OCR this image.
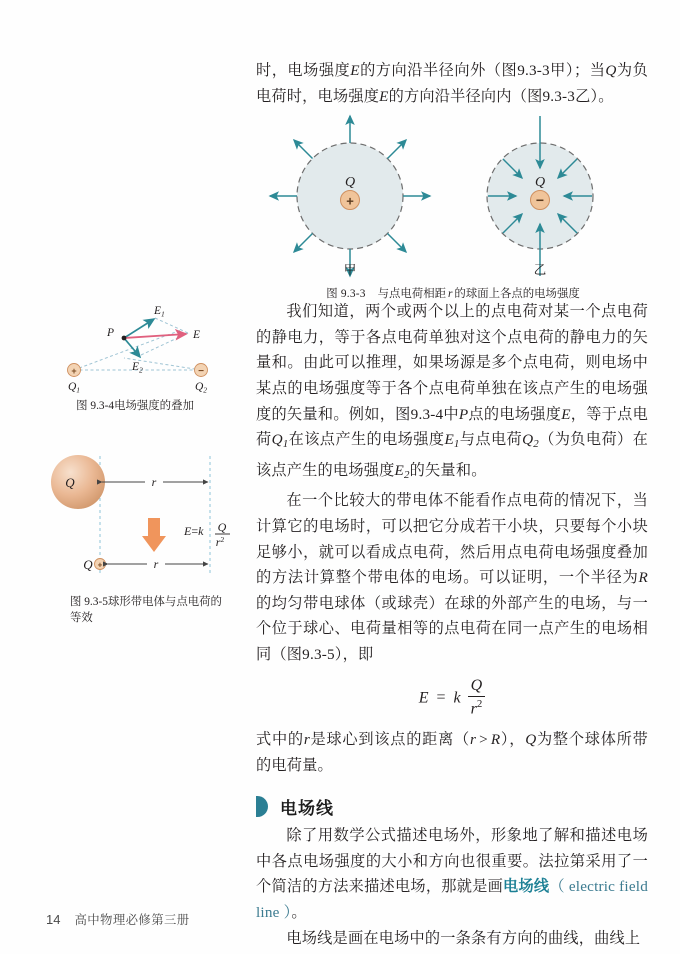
时，电场强度E的方向沿半径向外（图9.3-3甲）；当Q为负电荷时，电场强度E的方向沿半径向内（图9.3-3乙）。

我们知道，两个或两个以上的点电荷对某一个点电荷的静电力，等于各点电荷单独对这个点电荷的静电力的矢量和。由此可以推理，如果场源是多个点电荷，则电场中某点的电场强度等于各个点电荷单独在该点产生的电场强度的矢量和。例如，图9.3-4中P点的电场强度E，等于点电荷$Q_1$在该点产生的电场强度$E_1$与点电荷$Q_2$（为负电荷）在该点产生的电场强度$E_2$的矢量和。

在一个比较大的带电体不能看作点电荷的情况下，当计算它的电场时，可以把它分成若干小块，只要每个小块足够小，就可以看成点电荷，然后用点电荷电场强度叠加的方法计算整个带电体的电场。可以证明，一个半径为R的均匀带电球体（或球壳）在球的外部产生的电场，与一个位于球心、电荷量相等的点电荷在同一点产生的电场相同（图9.3-5），即

E = k $\frac{Q}{r^2}$

式中的r是球心到该点的距离（r > R），Q为整个球体所带的电荷量。

电场线

除了用数学公式描述电场外，形象地了解和描述电场中各点电场强度的大小和方向也很重要。法拉第采用了一个简洁的方法来描述电场，那就是画电场线（ electric field line ）。

电场线是画在电场中的一条条有方向的曲线，曲线上

Q
+
甲
Q
−
乙
图 9.3-3 与点电荷相距 r 的球面上各点的电场强度
P
$E_1$
$E_2$
E
+
$Q_1$
−
$Q_2$
图 9.3-4电场强度的叠加
Q	r
E=k Q
$r^2$
+
Q	r
图 9.3-5球形带电体与点电荷的
等效
14 高中物理必修第三册
